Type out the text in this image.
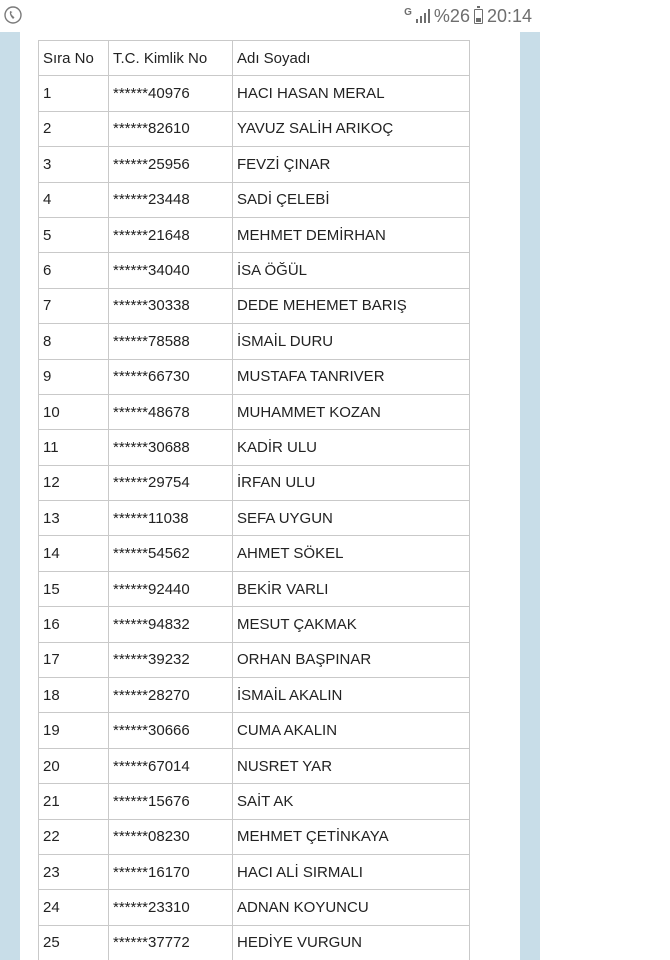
G %26 20:14
Sıra No	T.C. Kimlik No	Adı Soyadı
1	******40976	HACI HASAN MERAL
2	******82610	YAVUZ SALİH ARIKOÇ
3	******25956	FEVZİ ÇINAR
4	******23448	SADİ ÇELEBİ
5	******21648	MEHMET DEMİRHAN
6	******34040	İSA ÖĞÜL
7	******30338	DEDE MEHEMET BARIŞ
8	******78588	İSMAİL DURU
9	******66730	MUSTAFA TANRIVER
10	******48678	MUHAMMET KOZAN
11	******30688	KADİR ULU
12	******29754	İRFAN ULU
13	******11038	SEFA UYGUN
14	******54562	AHMET SÖKEL
15	******92440	BEKİR VARLI
16	******94832	MESUT ÇAKMAK
17	******39232	ORHAN BAŞPINAR
18	******28270	İSMAİL AKALIN
19	******30666	CUMA AKALIN
20	******67014	NUSRET YAR
21	******15676	SAİT AK
22	******08230	MEHMET ÇETİNKAYA
23	******16170	HACI ALİ SIRMALI
24	******23310	ADNAN KOYUNCU
25	******37772	HEDİYE VURGUN
